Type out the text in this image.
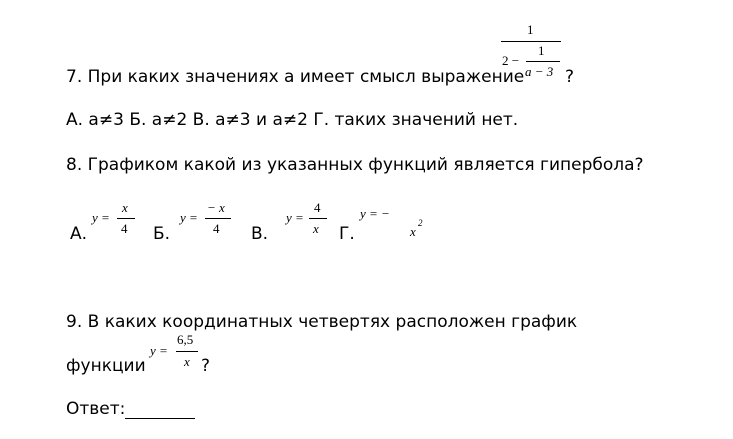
7. При каких значениях а имеет смысл выражение
1
2 −
1
a − 3 ?
А. а≠3 Б. а≠2 В. а≠3 и а≠2 Г. таких значений нет.
8. Графиком какой из указанных функций является гипербола?
А.
y =
x
4 Б.
y =
− x
4 В.
y =
4
x Г.
y = −
x
2
9. В каких координатных четвертях расположен график
функции
y =
6,5
x ?
Ответ:
